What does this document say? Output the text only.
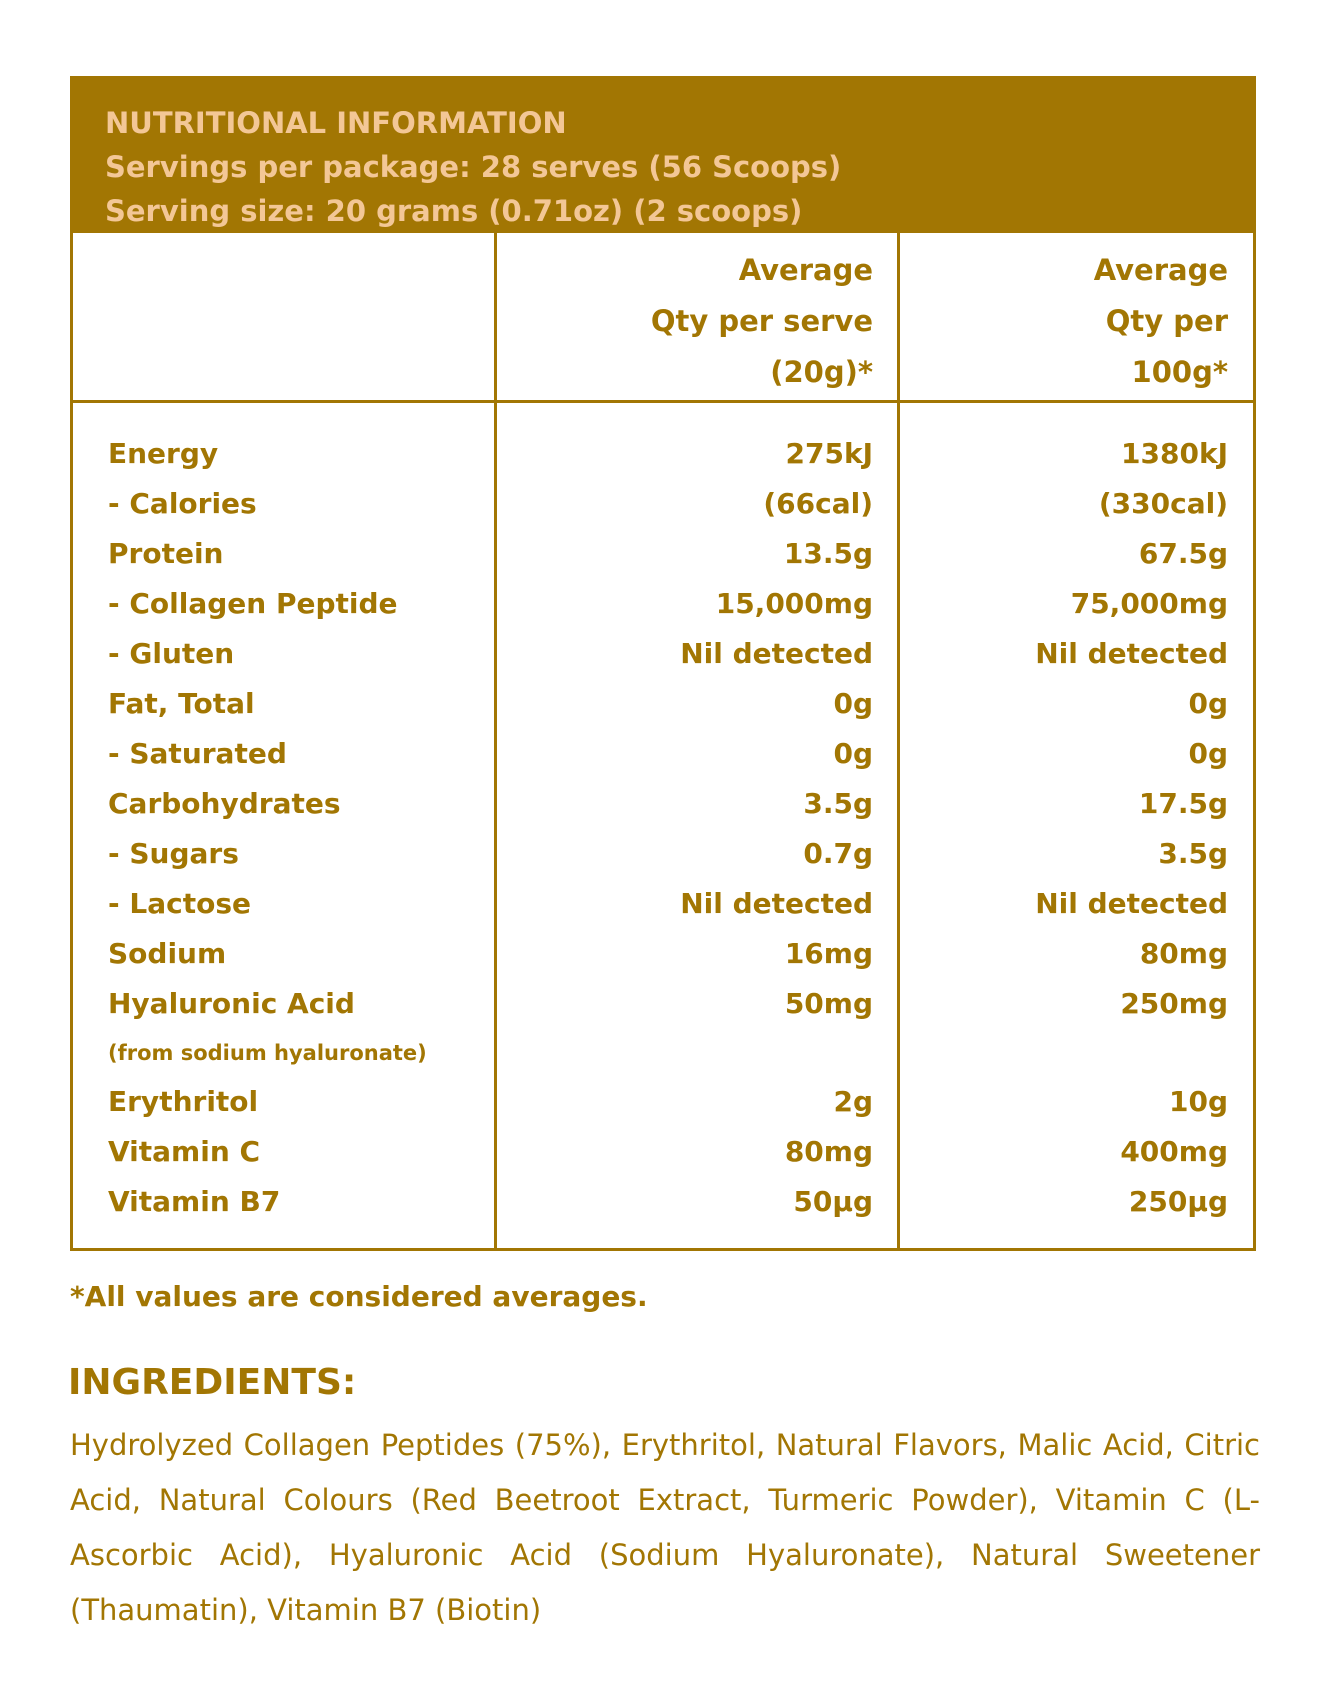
NUTRITIONAL INFORMATION
Servings per package: 28 serves (56 Scoops)
Serving size: 20 grams (0.71oz) (2 scoops)
Average
Qty per serve
(20g)*
Average
Qty per
100g*
Energy	275kJ	1380kJ
- Calories	(66cal)	(330cal)
Protein	13.5g	67.5g
- Collagen Peptide	15,000mg	75,000mg
- Gluten	Nil detected	Nil detected
Fat, Total	0g	0g
- Saturated	0g	0g
Carbohydrates	3.5g	17.5g
- Sugars	0.7g	3.5g
- Lactose	Nil detected	Nil detected
Sodium	16mg	80mg
Hyaluronic Acid	50mg	250mg
(from sodium hyaluronate)
Erythritol	2g	10g
Vitamin C	80mg	400mg
Vitamin B7	50µg	250µg
*All values are considered averages.
INGREDIENTS:
Hydrolyzed Collagen Peptides (75%), Erythritol, Natural Flavors, Malic Acid, Citric Acid, Natural Colours (Red Beetroot Extract, Turmeric Powder), Vitamin C (L-Ascorbic Acid), Hyaluronic Acid (Sodium Hyaluronate), Natural Sweetener (Thaumatin), Vitamin B7 (Biotin)
